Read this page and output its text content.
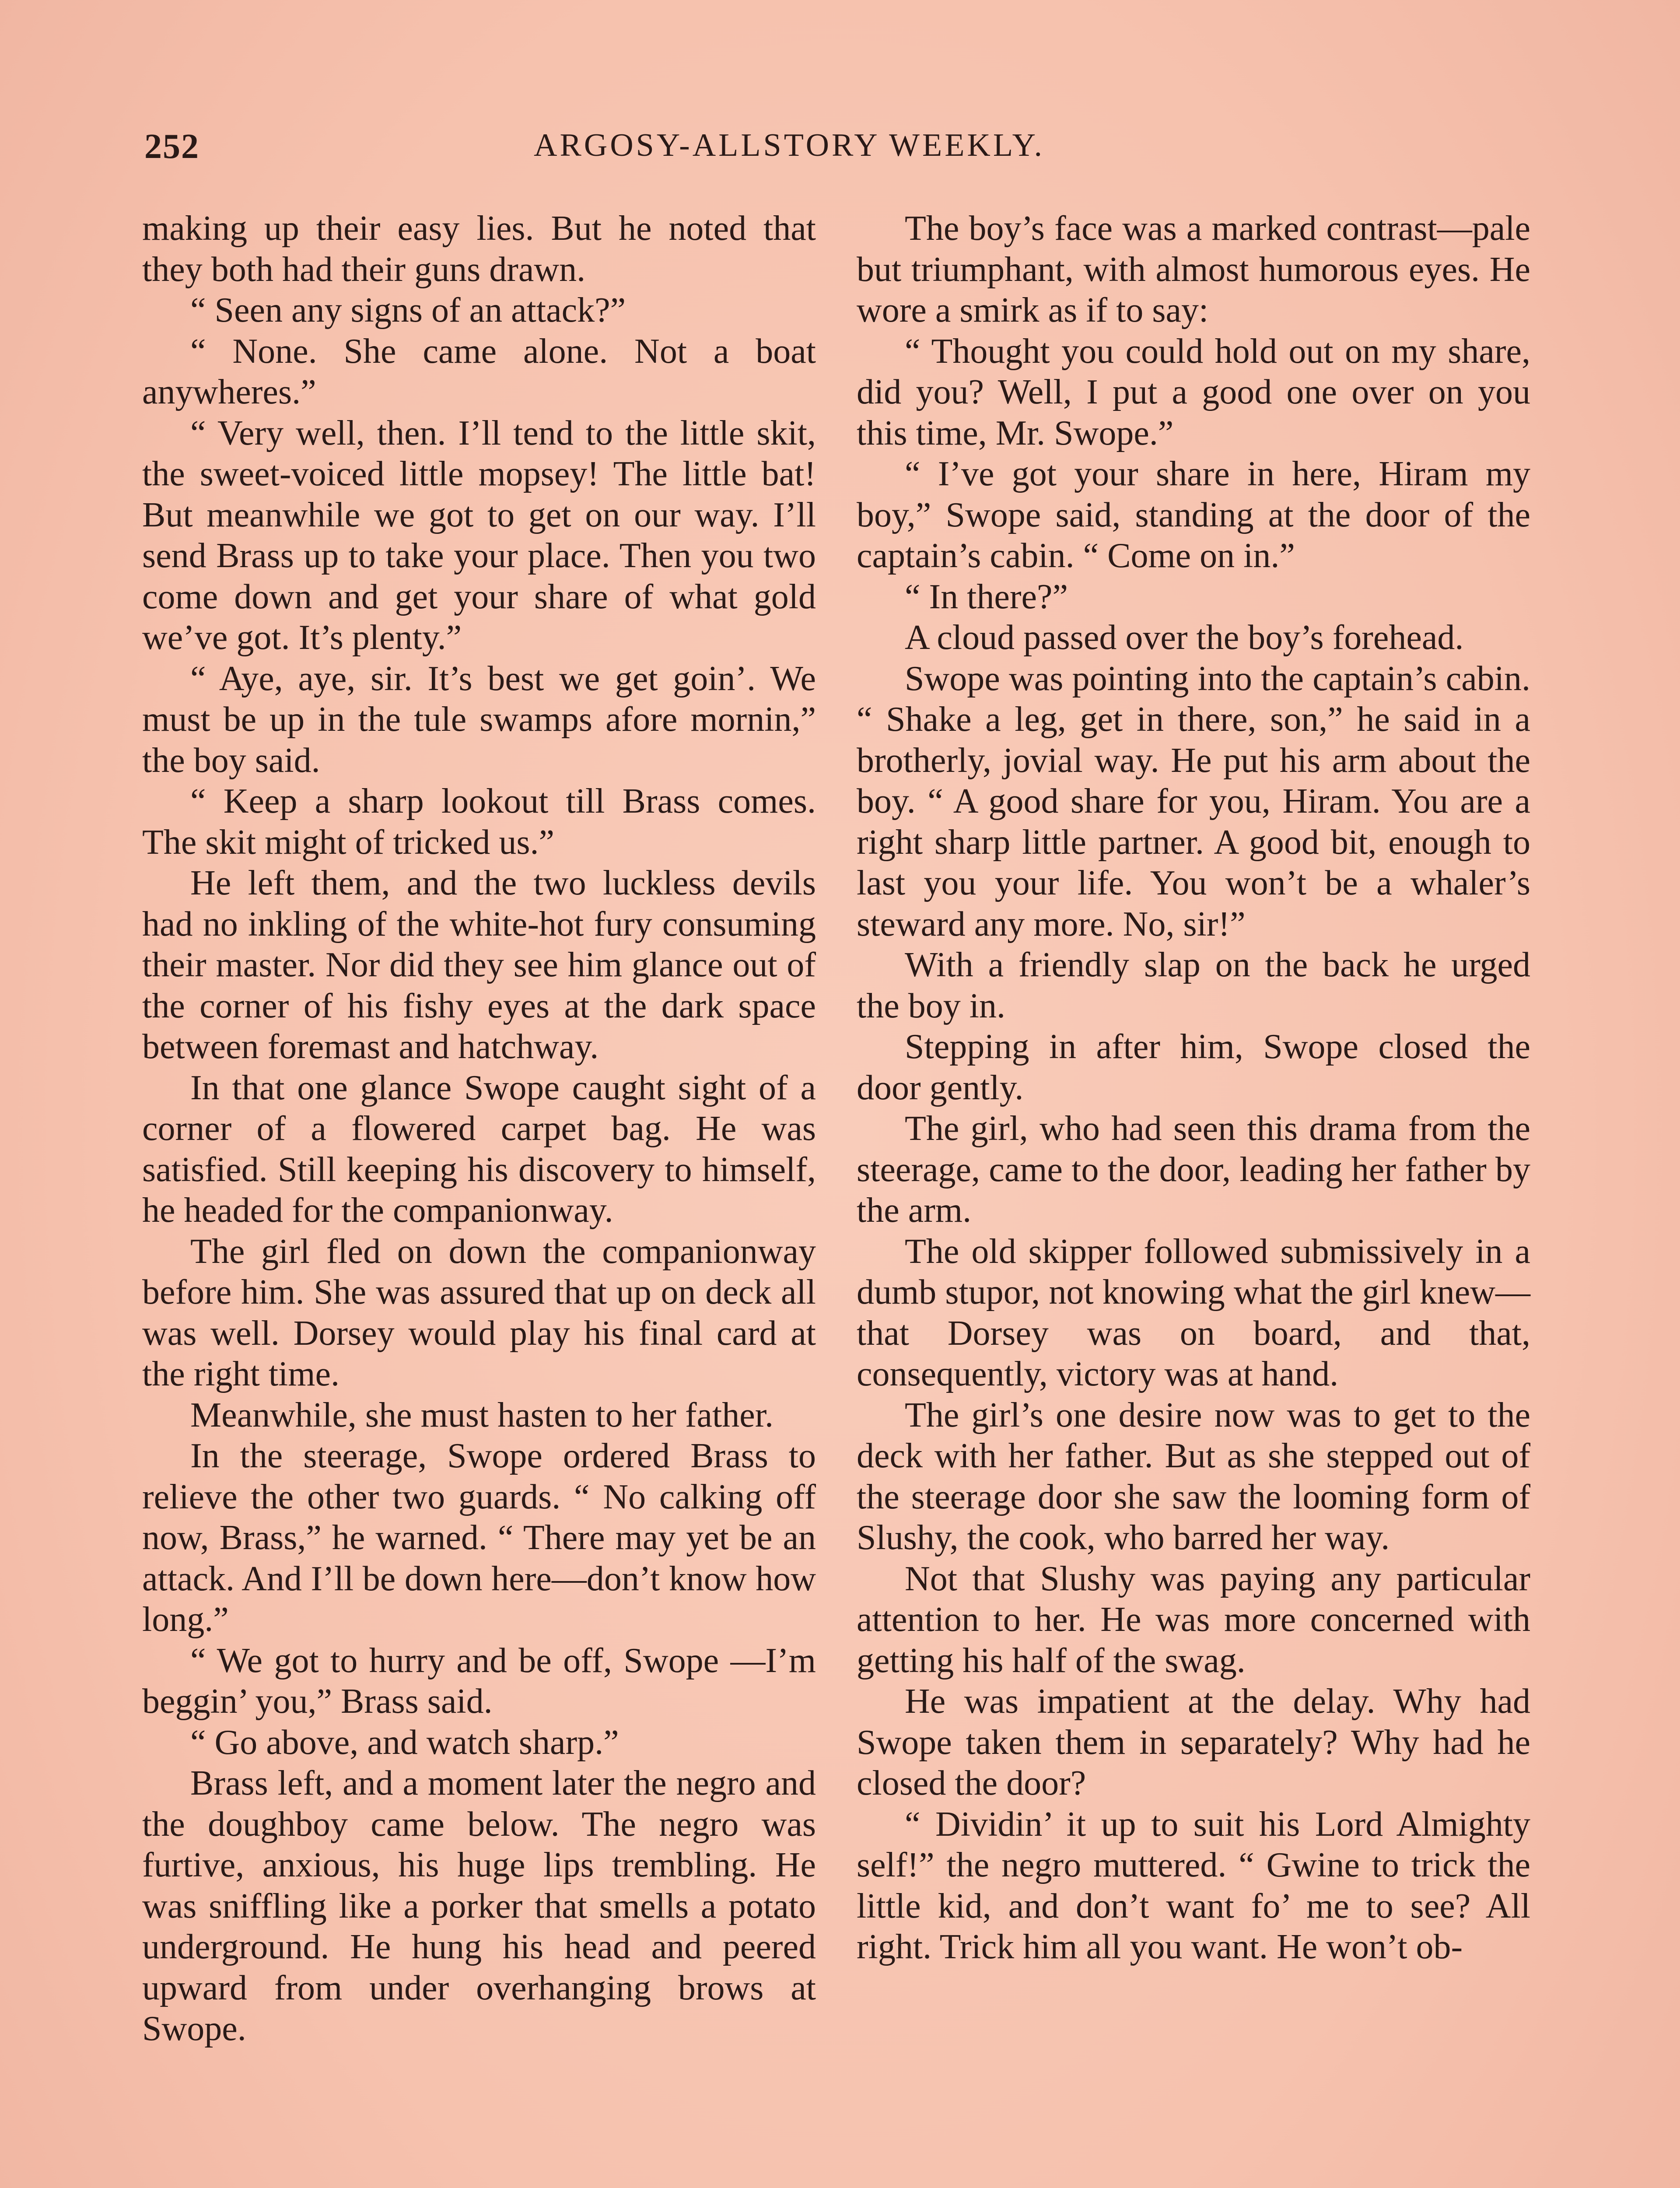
252	ARGOSY-ALLSTORY WEEKLY.

making up their easy lies. But he noted that they both had their guns drawn.

“ Seen any signs of an attack?”

“ None. She came alone. Not a boat anywheres.”

“ Very well, then. I’ll tend to the little skit, the sweet-voiced little mopsey! The little bat! But meanwhile we got to get on our way. I’ll send Brass up to take your place. Then you two come down and get your share of what gold we’ve got. It’s plenty.”

“ Aye, aye, sir. It’s best we get goin’. We must be up in the tule swamps afore mornin,” the boy said.

“ Keep a sharp lookout till Brass comes. The skit might of tricked us.”

He left them, and the two luckless devils had no inkling of the white-hot fury consuming their master. Nor did they see him glance out of the corner of his fishy eyes at the dark space between foremast and hatchway.

In that one glance Swope caught sight of a corner of a flowered carpet bag. He was satisfied. Still keeping his discovery to himself, he headed for the companionway.

The girl fled on down the companionway before him. She was assured that up on deck all was well. Dorsey would play his final card at the right time.

Meanwhile, she must hasten to her father.

In the steerage, Swope ordered Brass to relieve the other two guards. “ No calking off now, Brass,” he warned. “ There may yet be an attack. And I’ll be down here—don’t know how long.”

“ We got to hurry and be off, Swope —I’m beggin’ you,” Brass said.

“ Go above, and watch sharp.”

Brass left, and a moment later the negro and the doughboy came below. The negro was furtive, anxious, his huge lips trembling. He was sniffling like a porker that smells a potato underground. He hung his head and peered upward from under overhanging brows at Swope.

The boy’s face was a marked contrast—pale but triumphant, with almost humorous eyes. He wore a smirk as if to say:

“ Thought you could hold out on my share, did you? Well, I put a good one over on you this time, Mr. Swope.”

“ I’ve got your share in here, Hiram my boy,” Swope said, standing at the door of the captain’s cabin. “ Come on in.”

“ In there?”

A cloud passed over the boy’s forehead.

Swope was pointing into the captain’s cabin. “ Shake a leg, get in there, son,” he said in a brotherly, jovial way. He put his arm about the boy. “ A good share for you, Hiram. You are a right sharp little partner. A good bit, enough to last you your life. You won’t be a whaler’s steward any more. No, sir!”

With a friendly slap on the back he urged the boy in.

Stepping in after him, Swope closed the door gently.

The girl, who had seen this drama from the steerage, came to the door, leading her father by the arm.

The old skipper followed submissively in a dumb stupor, not knowing what the girl knew—that Dorsey was on board, and that, consequently, victory was at hand.

The girl’s one desire now was to get to the deck with her father. But as she stepped out of the steerage door she saw the looming form of Slushy, the cook, who barred her way.

Not that Slushy was paying any particular attention to her. He was more concerned with getting his half of the swag.

He was impatient at the delay. Why had Swope taken them in separately? Why had he closed the door?

“ Dividin’ it up to suit his Lord Almighty self!” the negro muttered. “ Gwine to trick the little kid, and don’t want fo’ me to see? All right. Trick him all you want. He won’t ob-
